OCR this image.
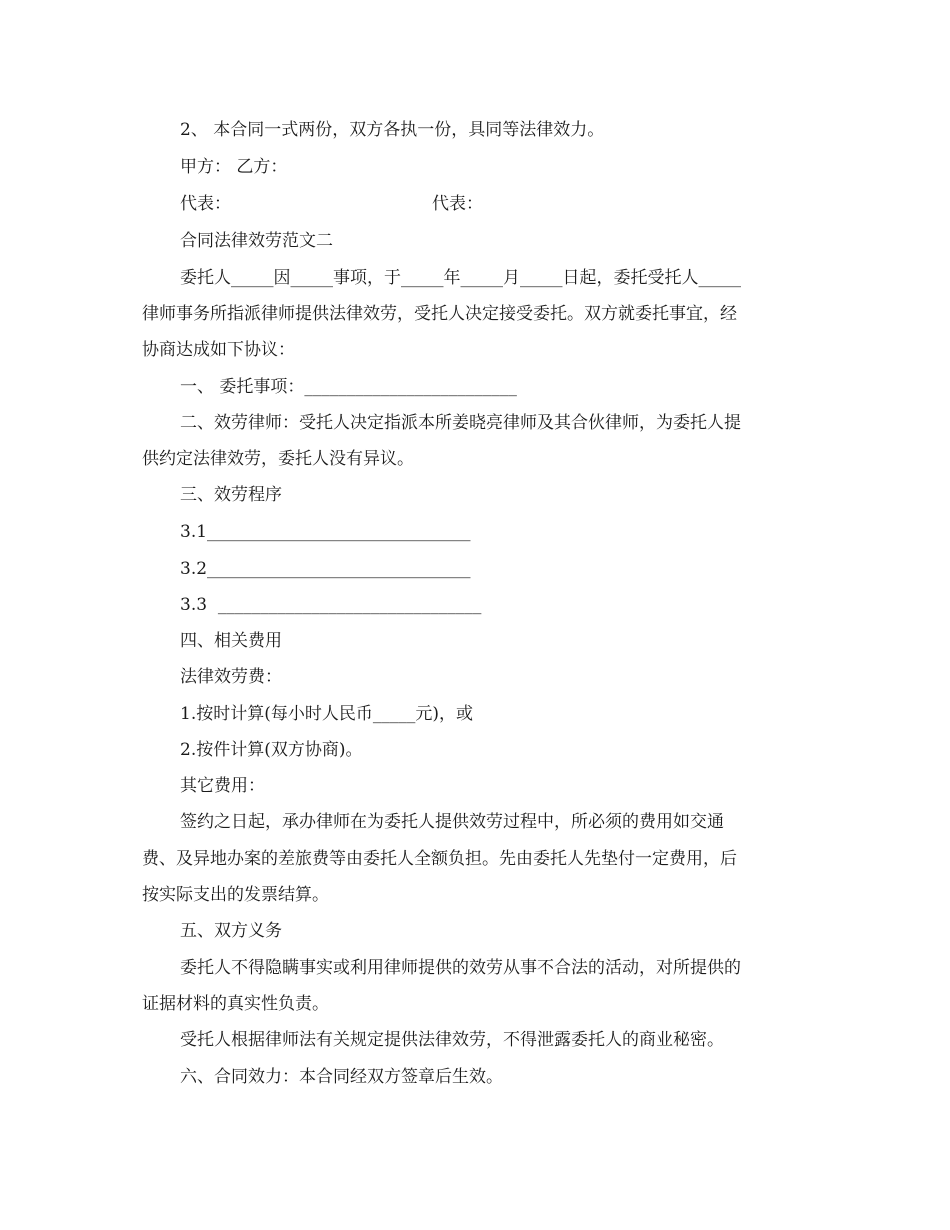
2、 本合同一式两份，双方各执一份，具同等法律效力。
甲方： 乙方：
代表：	代表：
合同法律效劳范文二
委托人_____因_____事项，于_____年_____月_____日起，委托受托人_____
律师事务所指派律师提供法律效劳，受托人决定接受委托。双方就委托事宜，经
协商达成如下协议：
一、 委托事项：_________________________
二、效劳律师：受托人决定指派本所姜晓亮律师及其合伙律师，为委托人提
供约定法律效劳，委托人没有异议。
三、效劳程序
3.1_______________________________
3.2_______________________________
3.3  _______________________________
四、相关费用
法律效劳费：
1.按时计算(每小时人民币_____元)，或
2.按件计算(双方协商)。
其它费用：
签约之日起，承办律师在为委托人提供效劳过程中，所必须的费用如交通
费、及异地办案的差旅费等由委托人全额负担。先由委托人先垫付一定费用，后
按实际支出的发票结算。
五、双方义务
委托人不得隐瞒事实或利用律师提供的效劳从事不合法的活动，对所提供的
证据材料的真实性负责。
受托人根据律师法有关规定提供法律效劳，不得泄露委托人的商业秘密。
六、合同效力：本合同经双方签章后生效。
